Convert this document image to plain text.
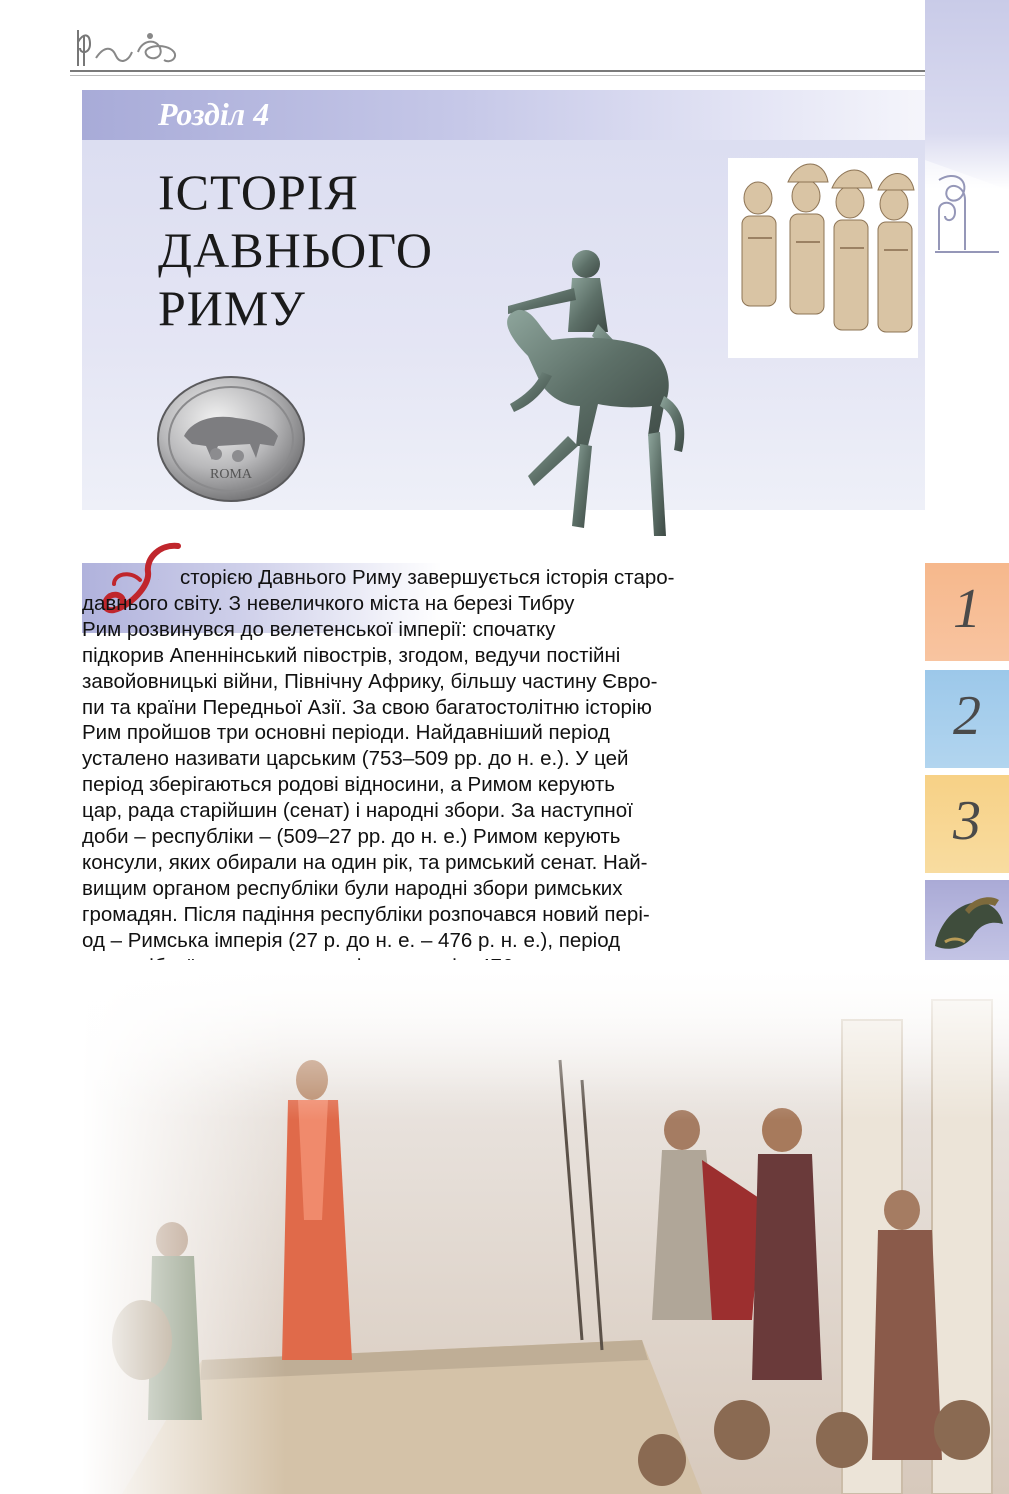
Розділ 4
ІСТОРІЯ
ДАВНЬОГО
РИМУ
ROMA
І	сторією Давнього Риму завершується історія старо-
давнього світу. З невеличкого міста на березі Тибру
Рим розвинувся до велетенської імперії: спочатку
підкорив Апеннінський півострів, згодом, ведучи постійні
завойовницькі війни, Північну Африку, більшу частину Євро-
пи та країни Передньої Азії. За свою багатостолітню історію
Рим пройшов три основні періоди. Найдавніший період
усталено називати царським (753–509 рр. до н. е.). У цей
період зберігаються родові відносини, а Римом керують
цар, рада старійшин (сенат) і народні збори. За наступної
доби – республіки – (509–27 рр. до н. е.) Римом керують
консули, яких обирали на один рік, та римський сенат. Най-
вищим органом республіки були народні збори римських
громадян. Після падіння республіки розпочався новий пері-
од – Римська імперія (27 р. до н. е. – 476 р. н. е.), період

1
2
3
